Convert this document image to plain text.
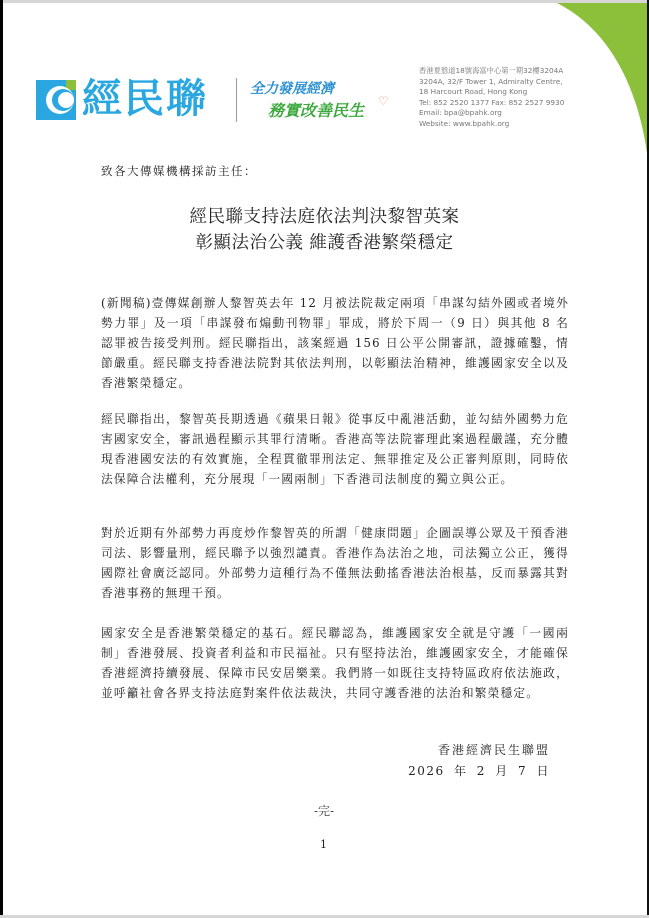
經民聯	全力發展經濟
務實改善民生 ♡
香港夏慤道18號海富中心第一期32樓3204A
3204A, 32/F Tower 1, Admiralty Centre,
18 Harcourt Road, Hong Kong
Tel: 852 2520 1377 Fax: 852 2527 9930
Email: bpa@bpahk.org
Website: www.bpahk.org
致各大傳媒機構採訪主任：
經民聯支持法庭依法判決黎智英案
彰顯法治公義 維護香港繁榮穩定
(新聞稿)壹傳媒創辦人黎智英去年 12 月被法院裁定兩項「串謀勾結外國或者境外勢力罪」及一項「串謀發布煽動刊物罪」罪成，將於下周一（9 日）與其他 8 名認罪被告接受判刑。經民聯指出，該案經過 156 日公平公開審訊，證據確鑿，情節嚴重。經民聯支持香港法院對其依法判刑，以彰顯法治精神，維護國家安全以及香港繁榮穩定。
經民聯指出，黎智英長期透過《蘋果日報》從事反中亂港活動，並勾結外國勢力危害國家安全，審訊過程顯示其罪行清晰。香港高等法院審理此案過程嚴謹，充分體現香港國安法的有效實施，全程貫徹罪刑法定、無罪推定及公正審判原則，同時依法保障合法權利，充分展現「一國兩制」下香港司法制度的獨立與公正。
對於近期有外部勢力再度炒作黎智英的所謂「健康問題」企圖誤導公眾及干預香港司法、影響量刑，經民聯予以強烈譴責。香港作為法治之地，司法獨立公正，獲得國際社會廣泛認同。外部勢力這種行為不僅無法動搖香港法治根基，反而暴露其對香港事務的無理干預。
國家安全是香港繁榮穩定的基石。經民聯認為，維護國家安全就是守護「一國兩制」香港發展、投資者利益和市民福祉。只有堅持法治，維護國家安全，才能確保香港經濟持續發展、保障市民安居樂業。我們將一如既往支持特區政府依法施政，並呼籲社會各界支持法庭對案件依法裁決，共同守護香港的法治和繁榮穩定。
香港經濟民生聯盟
2026 年 2 月 7 日
-完-
1
